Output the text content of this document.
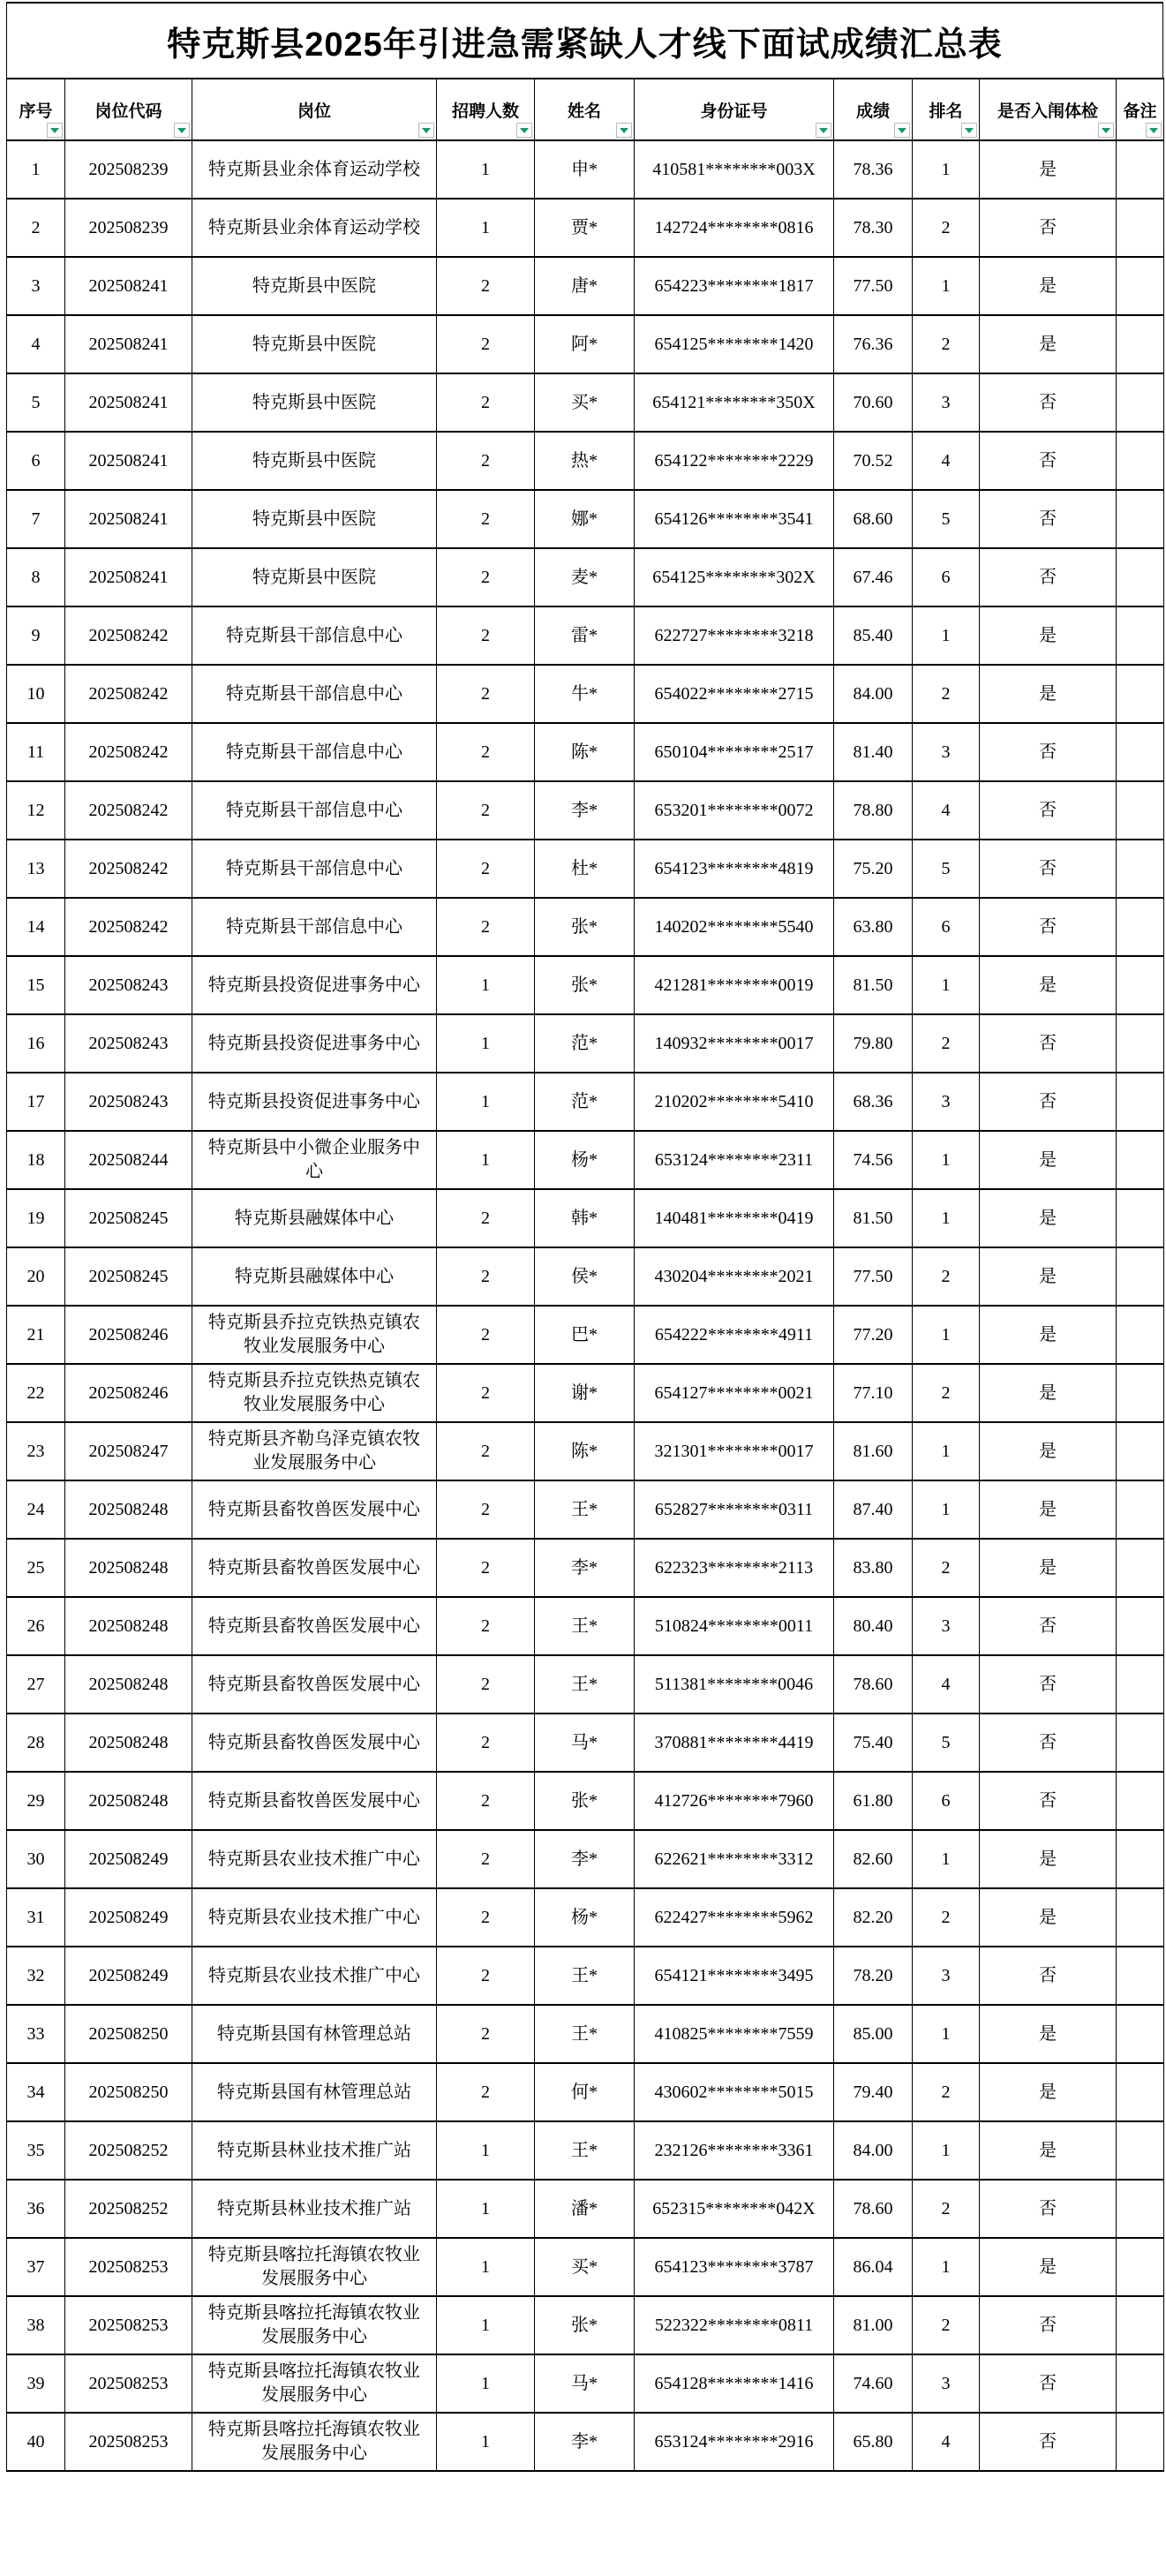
特克斯县2025年引进急需紧缺人才线下面试成绩汇总表
序号	岗位代码	岗位	招聘人数	姓名	身份证号	成绩	排名	是否入闱体检	备注

1	202508239	特克斯县业余体育运动学校	1	申*	410581********003X	78.36	1	是	
2	202508239	特克斯县业余体育运动学校	1	贾*	142724********0816	78.30	2	否	
3	202508241	特克斯县中医院	2	唐*	654223********1817	77.50	1	是	
4	202508241	特克斯县中医院	2	阿*	654125********1420	76.36	2	是	
5	202508241	特克斯县中医院	2	买*	654121********350X	70.60	3	否	
6	202508241	特克斯县中医院	2	热*	654122********2229	70.52	4	否	
7	202508241	特克斯县中医院	2	娜*	654126********3541	68.60	5	否	
8	202508241	特克斯县中医院	2	麦*	654125********302X	67.46	6	否	
9	202508242	特克斯县干部信息中心	2	雷*	622727********3218	85.40	1	是	
10	202508242	特克斯县干部信息中心	2	牛*	654022********2715	84.00	2	是	
11	202508242	特克斯县干部信息中心	2	陈*	650104********2517	81.40	3	否	
12	202508242	特克斯县干部信息中心	2	李*	653201********0072	78.80	4	否	
13	202508242	特克斯县干部信息中心	2	杜*	654123********4819	75.20	5	否	
14	202508242	特克斯县干部信息中心	2	张*	140202********5540	63.80	6	否	
15	202508243	特克斯县投资促进事务中心	1	张*	421281********0019	81.50	1	是	
16	202508243	特克斯县投资促进事务中心	1	范*	140932********0017	79.80	2	否	
17	202508243	特克斯县投资促进事务中心	1	范*	210202********5410	68.36	3	否	
18	202508244	特克斯县中小微企业服务中心	1	杨*	653124********2311	74.56	1	是	
19	202508245	特克斯县融媒体中心	2	韩*	140481********0419	81.50	1	是	
20	202508245	特克斯县融媒体中心	2	侯*	430204********2021	77.50	2	是	
21	202508246	特克斯县乔拉克铁热克镇农牧业发展服务中心	2	巴*	654222********4911	77.20	1	是	
22	202508246	特克斯县乔拉克铁热克镇农牧业发展服务中心	2	谢*	654127********0021	77.10	2	是	
23	202508247	特克斯县齐勒乌泽克镇农牧业发展服务中心	2	陈*	321301********0017	81.60	1	是	
24	202508248	特克斯县畜牧兽医发展中心	2	王*	652827********0311	87.40	1	是	
25	202508248	特克斯县畜牧兽医发展中心	2	李*	622323********2113	83.80	2	是	
26	202508248	特克斯县畜牧兽医发展中心	2	王*	510824********0011	80.40	3	否	
27	202508248	特克斯县畜牧兽医发展中心	2	王*	511381********0046	78.60	4	否	
28	202508248	特克斯县畜牧兽医发展中心	2	马*	370881********4419	75.40	5	否	
29	202508248	特克斯县畜牧兽医发展中心	2	张*	412726********7960	61.80	6	否	
30	202508249	特克斯县农业技术推广中心	2	李*	622621********3312	82.60	1	是	
31	202508249	特克斯县农业技术推广中心	2	杨*	622427********5962	82.20	2	是	
32	202508249	特克斯县农业技术推广中心	2	王*	654121********3495	78.20	3	否	
33	202508250	特克斯县国有林管理总站	2	王*	410825********7559	85.00	1	是	
34	202508250	特克斯县国有林管理总站	2	何*	430602********5015	79.40	2	是	
35	202508252	特克斯县林业技术推广站	1	王*	232126********3361	84.00	1	是	
36	202508252	特克斯县林业技术推广站	1	潘*	652315********042X	78.60	2	否	
37	202508253	特克斯县喀拉托海镇农牧业发展服务中心	1	买*	654123********3787	86.04	1	是	
38	202508253	特克斯县喀拉托海镇农牧业发展服务中心	1	张*	522322********0811	81.00	2	否	
39	202508253	特克斯县喀拉托海镇农牧业发展服务中心	1	马*	654128********1416	74.60	3	否	
40	202508253	特克斯县喀拉托海镇农牧业发展服务中心	1	李*	653124********2916	65.80	4	否	
